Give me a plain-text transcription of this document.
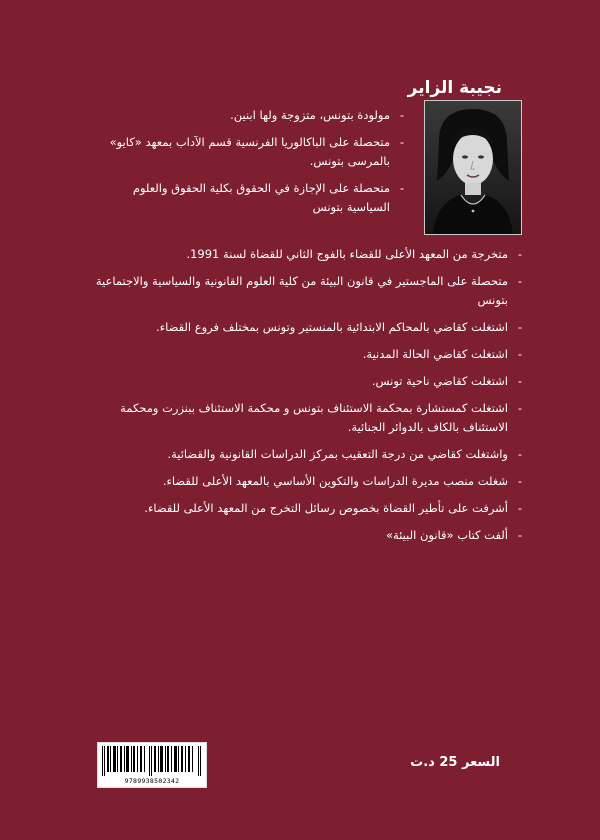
نجيبة الزاير
- مولودة بتونس، متزوجة ولها ابنين.
- متحصلة على الباكالوريا الفرنسية قسم الآداب بمعهد «كايو» بالمرسى بتونس.
- متحصلة على الإجازة في الحقوق بكلية الحقوق والعلوم السياسية بتونس
- متخرجة من المعهد الأعلى للقضاء بالفوج الثاني للقضاة لسنة 1991.
- متحصلة على الماجستير في قانون البيئة من كلية العلوم القانونية والسياسية والاجتماعية بتونس
- اشتغلت كقاضي بالمحاكم الابتدائية بالمنستير وتونس بمختلف فروع القضاء.
- اشتغلت كقاضي الحالة المدنية.
- اشتغلت كقاضي ناحية تونس.
- اشتغلت كمستشارة بمحكمة الاستئناف بتونس و محكمة الاستئناف ببنزرت ومحكمة الاستئناف بالكاف بالدوائر الجنائية.
- واشتغلت كقاضي من درجة التعقيب بمركز الدراسات القانونية والقضائية.
- شغلت منصب مديرة الدراسات والتكوين الأساسي بالمعهد الأعلى للقضاء.
- أشرفت على تأطير القضاة بخصوص رسائل التخرج من المعهد الأعلى للقضاء.
- ألفت كتاب «قانون البيئة»
9789938502342
السعر 25 د.ت
